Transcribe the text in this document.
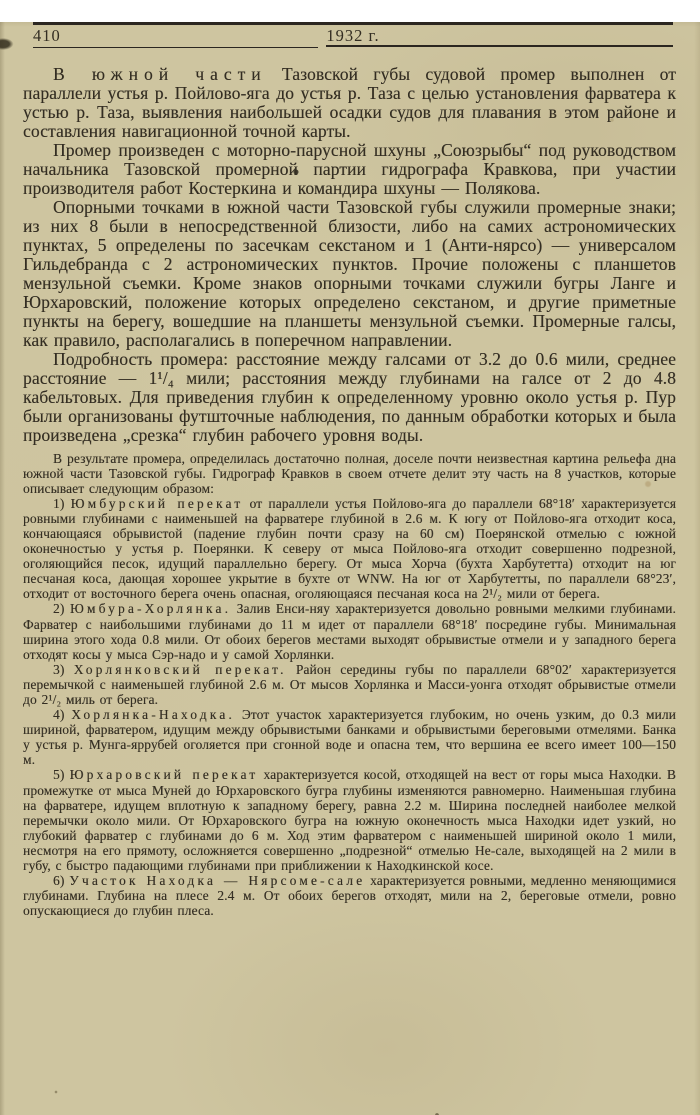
410	1932 г.

В южной части Тазовской губы судовой промер выполнен от параллели устья р. Пойлово-яга до устья р. Таза с целью установления фарватера к устью р. Таза, выявления наибольшей осадки судов для плавания в этом районе и составления навигационной точной карты.

Промер произведен с моторно-парусной шхуны „Союзрыбы“ под руководством начальника Тазовской промерной партии гидрографа Кравкова, при участии производителя работ Костеркина и командира шхуны — Полякова.

Опорными точками в южной части Тазовской губы служили промерные знаки; из них 8 были в непосредственной близости, либо на самих астрономических пунктах, 5 определены по засечкам секстаном и 1 (Анти-нярсо) — универсалом Гильдебранда с 2 астрономических пунктов. Прочие положены с планшетов мензульной съемки. Кроме знаков опорными точками служили бугры Ланге и Юрхаровский, положение которых определено секстаном, и другие приметные пункты на берегу, вошедшие на планшеты мензульной съемки. Промерные галсы, как правило, располагались в поперечном направлении.

Подробность промера: расстояние между галсами от 3.2 до 0.6 мили, среднее расстояние — 1¹/₄ мили; расстояния между глубинами на галсе от 2 до 4.8 кабельтовых. Для приведения глубин к определенному уровню около устья р. Пур были организованы футшточные наблюдения, по данным обработки которых и была произведена „срезка“ глубин рабочего уровня воды.

В результате промера, определилась достаточно полная, доселе почти неизвестная картина рельефа дна южной части Тазовской губы. Гидрограф Кравков в своем отчете делит эту часть на 8 участков, которые описывает следующим образом:

1) Юмбурский перекат от параллели устья Пойлово-яга до параллели 68°18′ характеризуется ровными глубинами с наименьшей на фарватере глубиной в 2.6 м. К югу от Пойлово-яга отходит коса, кончающаяся обрывистой (падение глубин почти сразу на 60 см) Поерянской отмелью с южной оконечностью у устья р. Поерянки. К северу от мыса Пойлово-яга отходит совершенно подрезной, оголяющийся песок, идущий параллельно берегу. От мыса Хорча (бухта Харбутетта) отходит на юг песчаная коса, дающая хорошее укрытие в бухте от WNW. На юг от Харбутетты, по параллели 68°23′, отходит от восточного берега очень опасная, оголяющаяся песчаная коса на 2¹/₂ мили от берега.

2) Юмбура-Хорлянка. Залив Енси-няу характеризуется довольно ровными мелкими глубинами. Фарватер с наибольшими глубинами до 11 м идет от параллели 68°18′ посредине губы. Минимальная ширина этого хода 0.8 мили. От обоих берегов местами выходят обрывистые отмели и у западного берега отходят косы у мыса Сэр-надо и у самой Хорлянки.

3) Хорлянковский перекат. Район середины губы по параллели 68°02′ характеризуется перемычкой с наименьшей глубиной 2.6 м. От мысов Хорлянка и Масси-уонга отходят обрывистые отмели до 2¹/₂ миль от берега.

4) Хорлянка-Находка. Этот участок характеризуется глубоким, но очень узким, до 0.3 мили шириной, фарватером, идущим между обрывистыми банками и обрывистыми береговыми отмелями. Банка у устья р. Мунга-яррубей оголяется при сгонной воде и опасна тем, что вершина ее всего имеет 100—150 м.

5) Юрхаровский перекат характеризуется косой, отходящей на вест от горы мыса Находки. В промежутке от мыса Муней до Юрхаровского бугра глубины изменяются равномерно. Наименьшая глубина на фарватере, идущем вплотную к западному берегу, равна 2.2 м. Ширина последней наиболее мелкой перемычки около мили. От Юрхаровского бугра на южную оконечность мыса Находки идет узкий, но глубокий фарватер с глубинами до 6 м. Ход этим фарватером с наименьшей шириной около 1 мили, несмотря на его прямоту, осложняется совершенно „подрезной“ отмелью Не-сале, выходящей на 2 мили в губу, с быстро падающими глубинами при приближении к Находкинской косе.

6) Участок Находка — Нярсоме-сале характеризуется ровными, медленно меняющимися глубинами. Глубина на плесе 2.4 м. От обоих берегов отходят, мили на 2, береговые отмели, ровно опускающиеся до глубин плеса.
